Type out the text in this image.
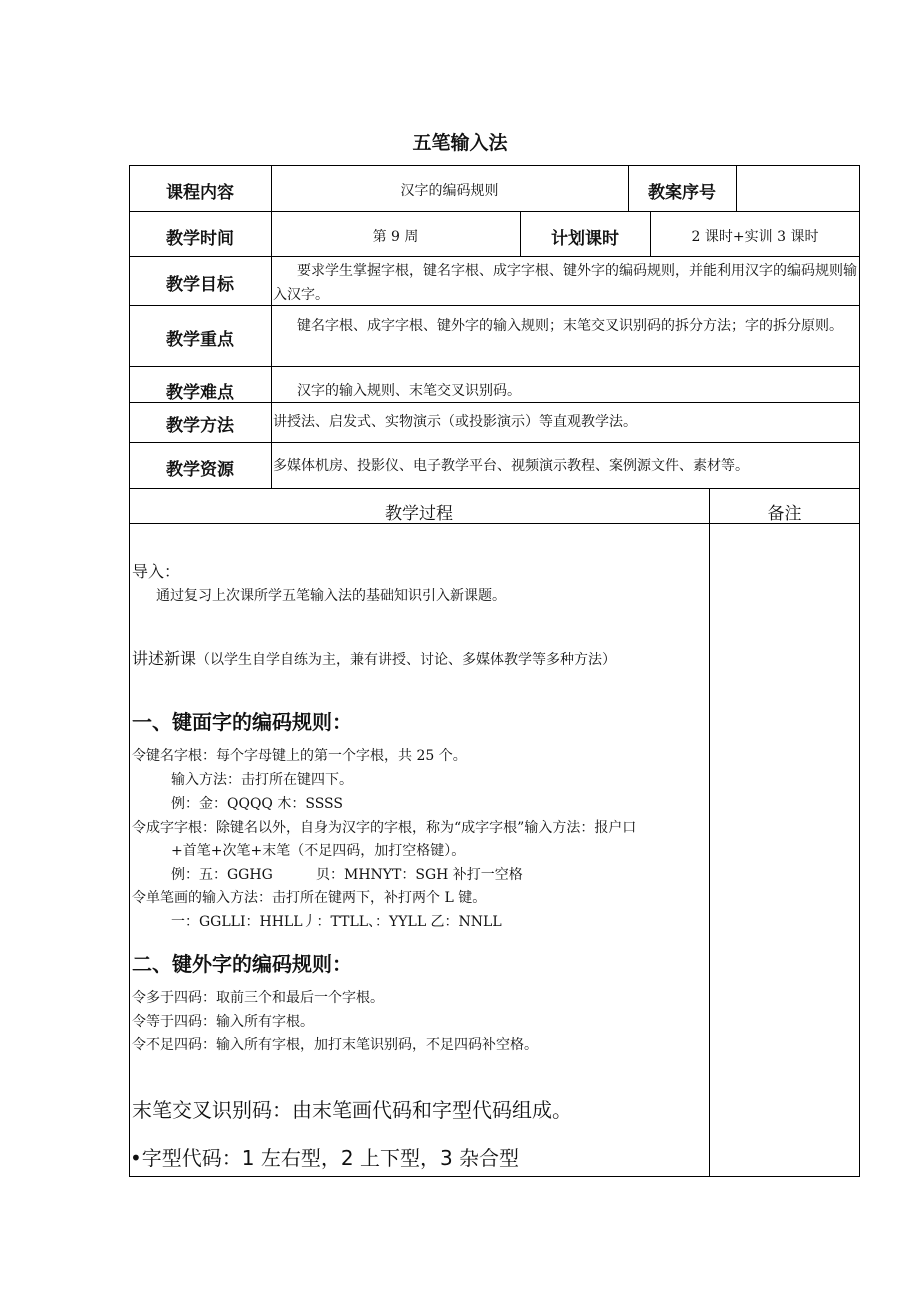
五笔输入法
课程内容	汉字的编码规则	教案序号
教学时间	第 9 周	计划课时	2 课时+实训 3 课时
教学目标
要求学生掌握字根，键名字根、成字字根、键外字的编码规则，并能利用汉字的编码规则输入汉字。
教学重点
键名字根、成字字根、键外字的输入规则；末笔交叉识别码的拆分方法；字的拆分原则。
教学难点	汉字的输入规则、末笔交叉识别码。
教学方法	讲授法、启发式、实物演示（或投影演示）等直观教学法。
教学资源	多媒体机房、投影仪、电子教学平台、视频演示教程、案例源文件、素材等。
教学过程	备注
导入：
通过复习上次课所学五笔输入法的基础知识引入新课题。
讲述新课（以学生自学自练为主，兼有讲授、讨论、多媒体教学等多种方法）
一、键面字的编码规则：
令键名字根：每个字母键上的第一个字根，共 25 个。
输入方法：击打所在键四下。
例：金：QQQQ 木：SSSS
令成字字根：除键名以外，自身为汉字的字根，称为“成字字根”输入方法：报户口
+首笔+次笔+末笔（不足四码，加打空格键）。
例：五：GGHG	贝：MHNYT：SGH 补打一空格
令单笔画的输入方法：击打所在键两下，补打两个 L 键。
一：GGLLI：HHLL丿：TTLL、：YYLL 乙：NNLL
二、键外字的编码规则：
令多于四码：取前三个和最后一个字根。
令等于四码：输入所有字根。
令不足四码：输入所有字根，加打末笔识别码，不足四码补空格。
末笔交叉识别码：由末笔画代码和字型代码组成。
•字型代码：1 左右型，2 上下型，3 杂合型
